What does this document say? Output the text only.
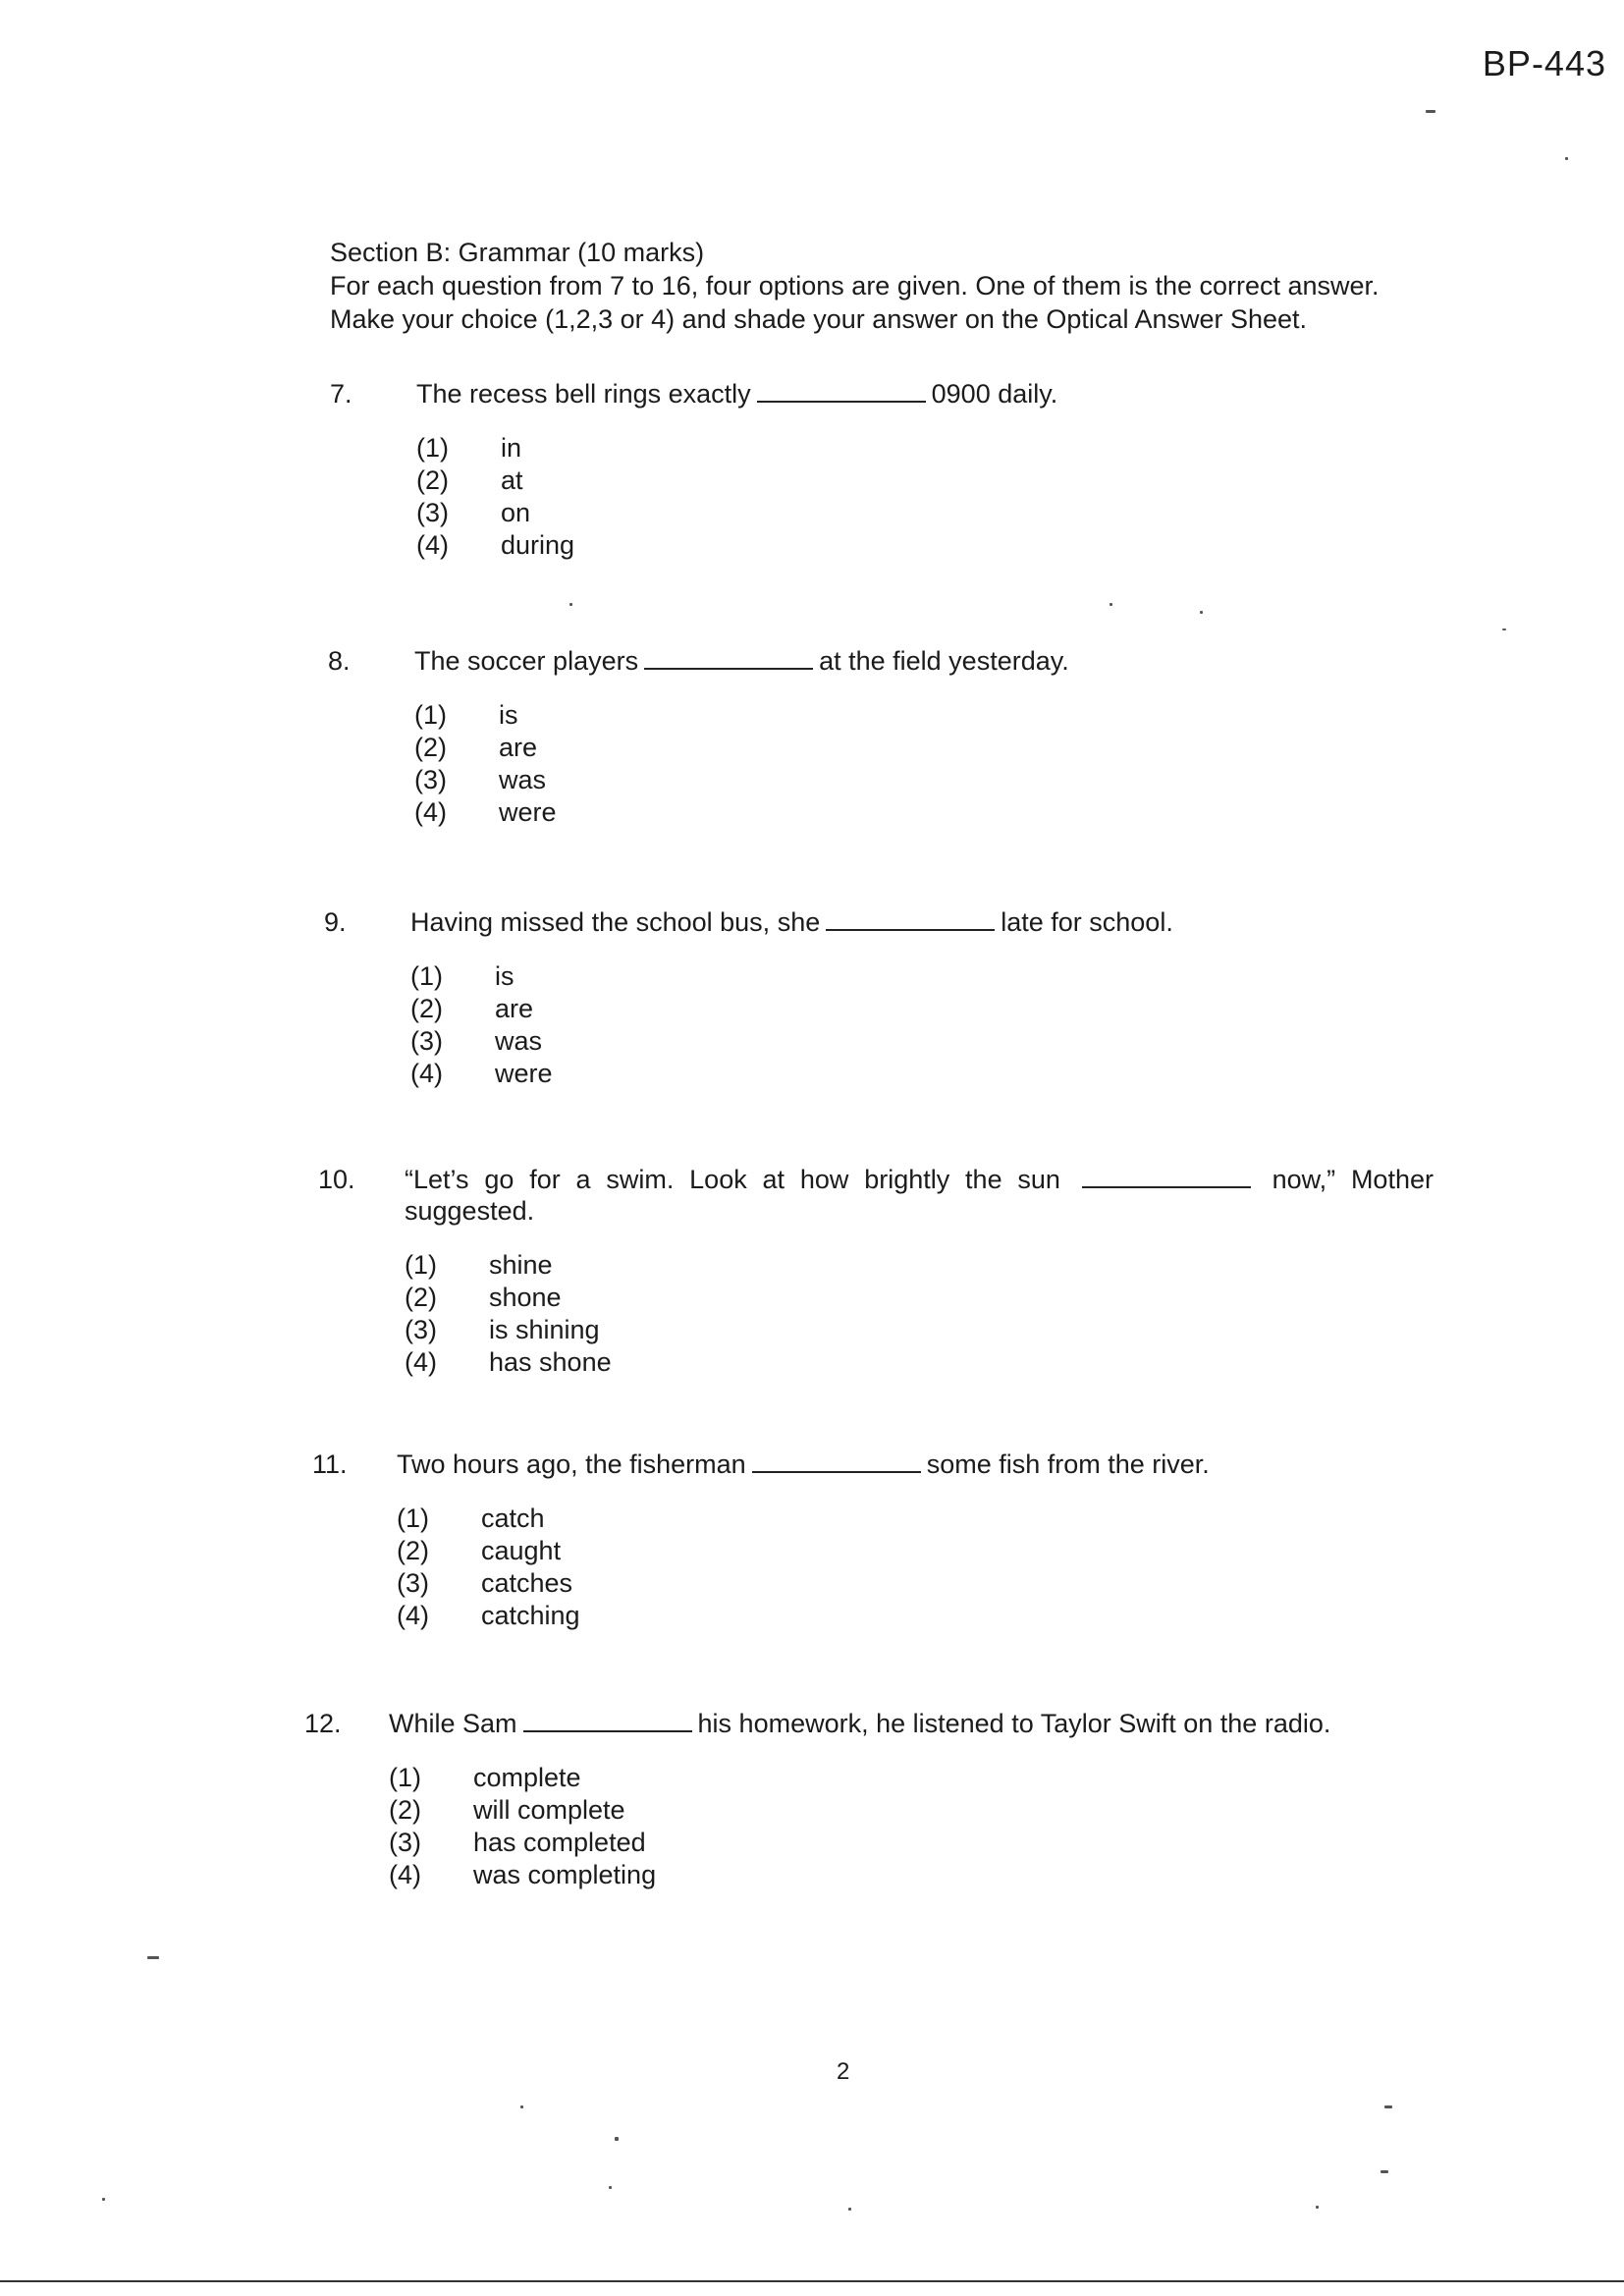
BP-443
Section B: Grammar (10 marks)
For each question from 7 to 16, four options are given. One of them is the correct answer.
Make your choice (1,2,3 or 4) and shade your answer on the Optical Answer Sheet.
7. The recess bell rings exactly	0900 daily.
(1) in
(2) at
(3) on
(4) during
8. The soccer players	at the field yesterday.
(1) is
(2) are
(3) was
(4) were
9. Having missed the school bus, she	late for school.
(1) is
(2) are
(3) was
(4) were
10. “Let’s go for a swim. Look at how brightly the sun	now,” Mother
suggested.
(1) shine
(2) shone
(3) is shining
(4) has shone
11. Two hours ago, the fisherman	some fish from the river.
(1) catch
(2) caught
(3) catches
(4) catching
12. While Sam	his homework, he listened to Taylor Swift on the radio.
(1) complete
(2) will complete
(3) has completed
(4) was completing
2
